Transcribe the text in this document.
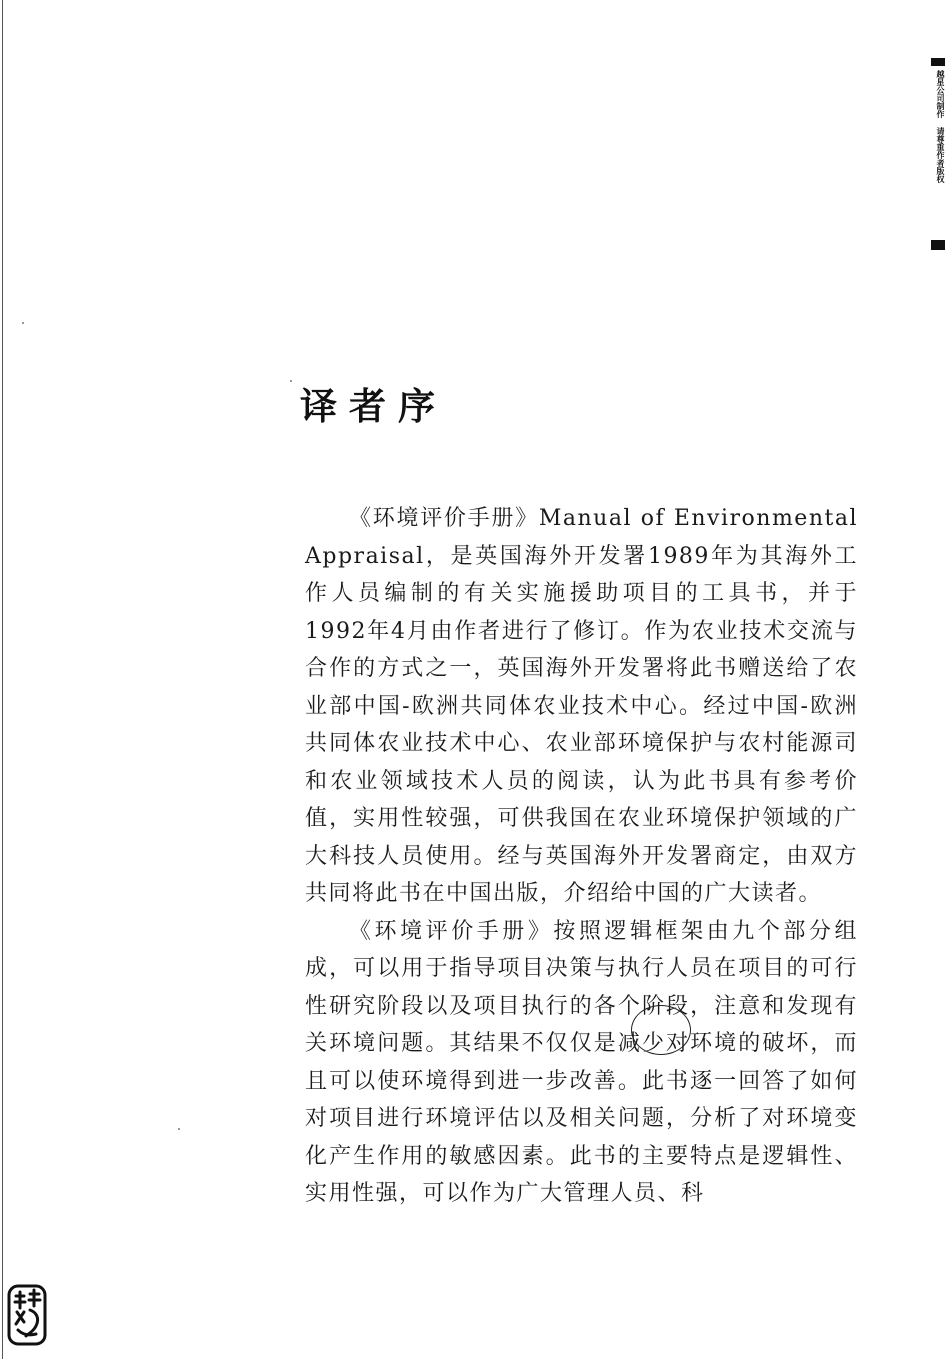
越星公司制作 请尊重作者版权
译者序

《环境评价手册》Manual of Environmental Appraisal，是英国海外开发署1989年为其海外工作人员编制的有关实施援助项目的工具书，并于1992年4月由作者进行了修订。作为农业技术交流与合作的方式之一，英国海外开发署将此书赠送给了农业部中国-欧洲共同体农业技术中心。经过中国-欧洲共同体农业技术中心、农业部环境保护与农村能源司和农业领域技术人员的阅读，认为此书具有参考价值，实用性较强，可供我国在农业环境保护领域的广大科技人员使用。经与英国海外开发署商定，由双方共同将此书在中国出版，介绍给中国的广大读者。

《环境评价手册》按照逻辑框架由九个部分组成，可以用于指导项目决策与执行人员在项目的可行性研究阶段以及项目执行的各个阶段，注意和发现有关环境问题。其结果不仅仅是减少对环境的破坏，而且可以使环境得到进一步改善。此书逐一回答了如何对项目进行环境评估以及相关问题，分析了对环境变化产生作用的敏感因素。此书的主要特点是逻辑性、实用性强，可以作为广大管理人员、科
